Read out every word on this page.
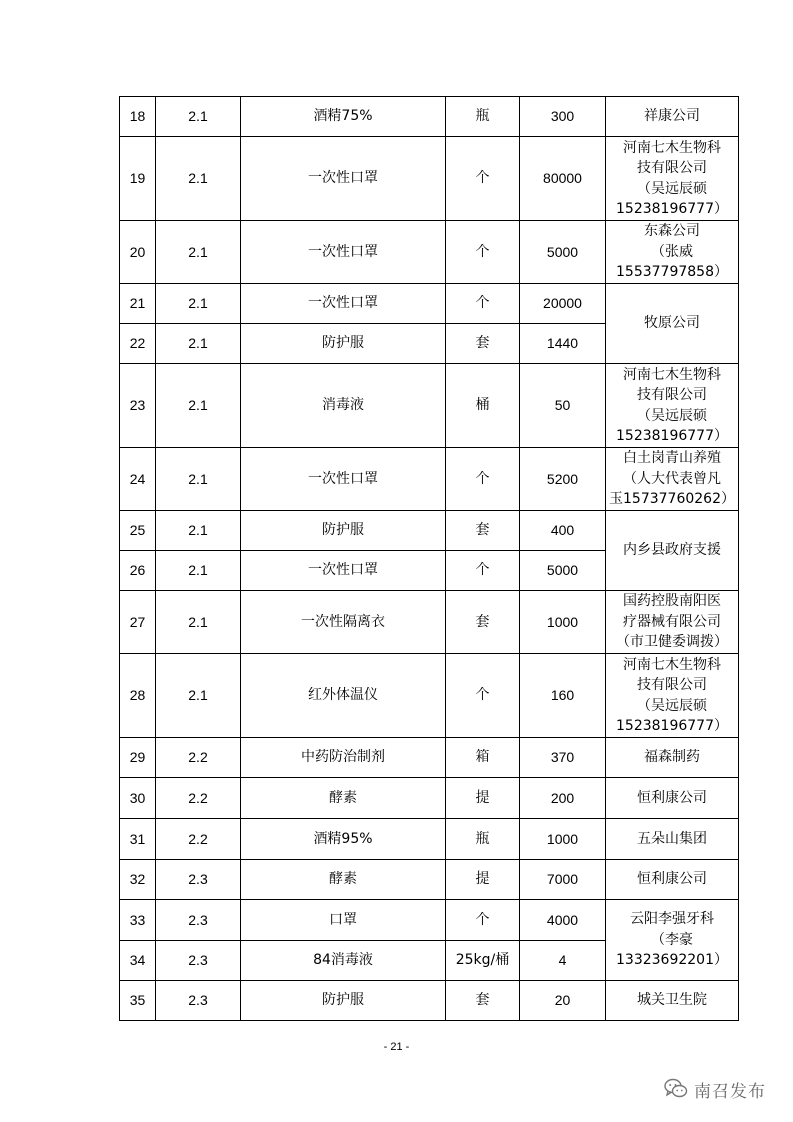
18	2.1	酒精75%	瓶	300	祥康公司

19	2.1	一次性口罩	个	80000	河南七木生物科
技有限公司
（吴远辰硕
15238196777）

20	2.1	一次性口罩	个	5000	东森公司
（张威
15537797858）

21	2.1	一次性口罩	个	20000	牧原公司

22	2.1	防护服	套	1440	
23	2.1	消毒液	桶	50	河南七木生物科
技有限公司
（吴远辰硕
15238196777）

24	2.1	一次性口罩	个	5200	白土岗青山养殖
（人大代表曾凡
玉15737760262）

25	2.1	防护服	套	400	内乡县政府支援

26	2.1	一次性口罩	个	5000	
27	2.1	一次性隔离衣	套	1000	国药控股南阳医
疗器械有限公司
（市卫健委调拨）

28	2.1	红外体温仪	个	160	河南七木生物科
技有限公司
（吴远辰硕
15238196777）

29	2.2	中药防治制剂	箱	370	福森制药

30	2.2	酵素	提	200	恒利康公司

31	2.2	酒精95%	瓶	1000	五朵山集团

32	2.3	酵素	提	7000	恒利康公司

33	2.3	口罩	个	4000	云阳李强牙科
（李豪
13323692201）

34	2.3	84消毒液	25kg/桶	4	
35	2.3	防护服	套	20	城关卫生院
- 21 -
南召发布
